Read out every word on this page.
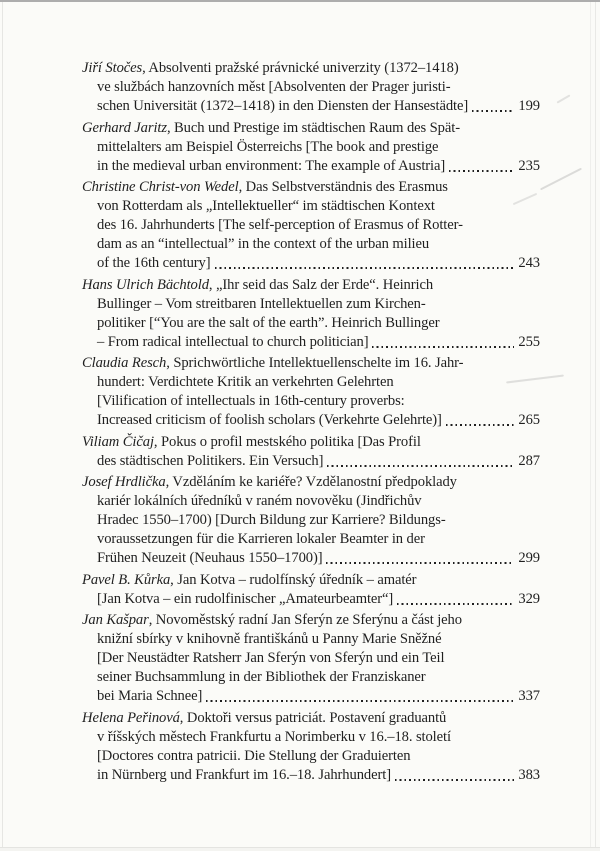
Jiří Stočes, Absolventi pražské právnické univerzity (1372–1418)
ve službách hanzovních měst [Absolventen der Prager juristi-
schen Universität (1372–1418) in den Diensten der Hansestädte]	199
Gerhard Jaritz, Buch und Prestige im städtischen Raum des Spät-
mittelalters am Beispiel Österreichs [The book and prestige
in the medieval urban environment: The example of Austria]	235
Christine Christ-von Wedel, Das Selbstverständnis des Erasmus
von Rotterdam als „Intellektueller“ im städtischen Kontext
des 16. Jahrhunderts [The self-perception of Erasmus of Rotter-
dam as an “intellectual” in the context of the urban milieu
of the 16th century]	243
Hans Ulrich Bächtold, „Ihr seid das Salz der Erde“. Heinrich
Bullinger – Vom streitbaren Intellektuellen zum Kirchen-
politiker [“You are the salt of the earth”. Heinrich Bullinger
– From radical intellectual to church politician]	255
Claudia Resch, Sprichwörtliche Intellektuellenschelte im 16. Jahr-
hundert: Verdichtete Kritik an verkehrten Gelehrten
[Vilification of intellectuals in 16th-century proverbs:
Increased criticism of foolish scholars (Verkehrte Gelehrte)]	265
Viliam Čičaj, Pokus o profil mestského politika [Das Profil
des städtischen Politikers. Ein Versuch]	287
Josef Hrdlička, Vzděláním ke kariéře? Vzdělanostní předpoklady
kariér lokálních úředníků v raném novověku (Jindřichův
Hradec 1550–1700) [Durch Bildung zur Karriere? Bildungs-
voraussetzungen für die Karrieren lokaler Beamter in der
Frühen Neuzeit (Neuhaus 1550–1700)]	299
Pavel B. Kůrka, Jan Kotva – rudolfínský úředník – amatér
[Jan Kotva – ein rudolfinischer „Amateurbeamter“]	329
Jan Kašpar, Novoměstský radní Jan Sferýn ze Sferýnu a část jeho
knižní sbírky v knihovně františkánů u Panny Marie Sněžné
[Der Neustädter Ratsherr Jan Sferýn von Sferýn und ein Teil
seiner Buchsammlung in der Bibliothek der Franziskaner
bei Maria Schnee]	337
Helena Peřinová, Doktoři versus patriciát. Postavení graduantů
v říšských městech Frankfurtu a Norimberku v 16.–18. století
[Doctores contra patricii. Die Stellung der Graduierten
in Nürnberg und Frankfurt im 16.–18. Jahrhundert]	383
